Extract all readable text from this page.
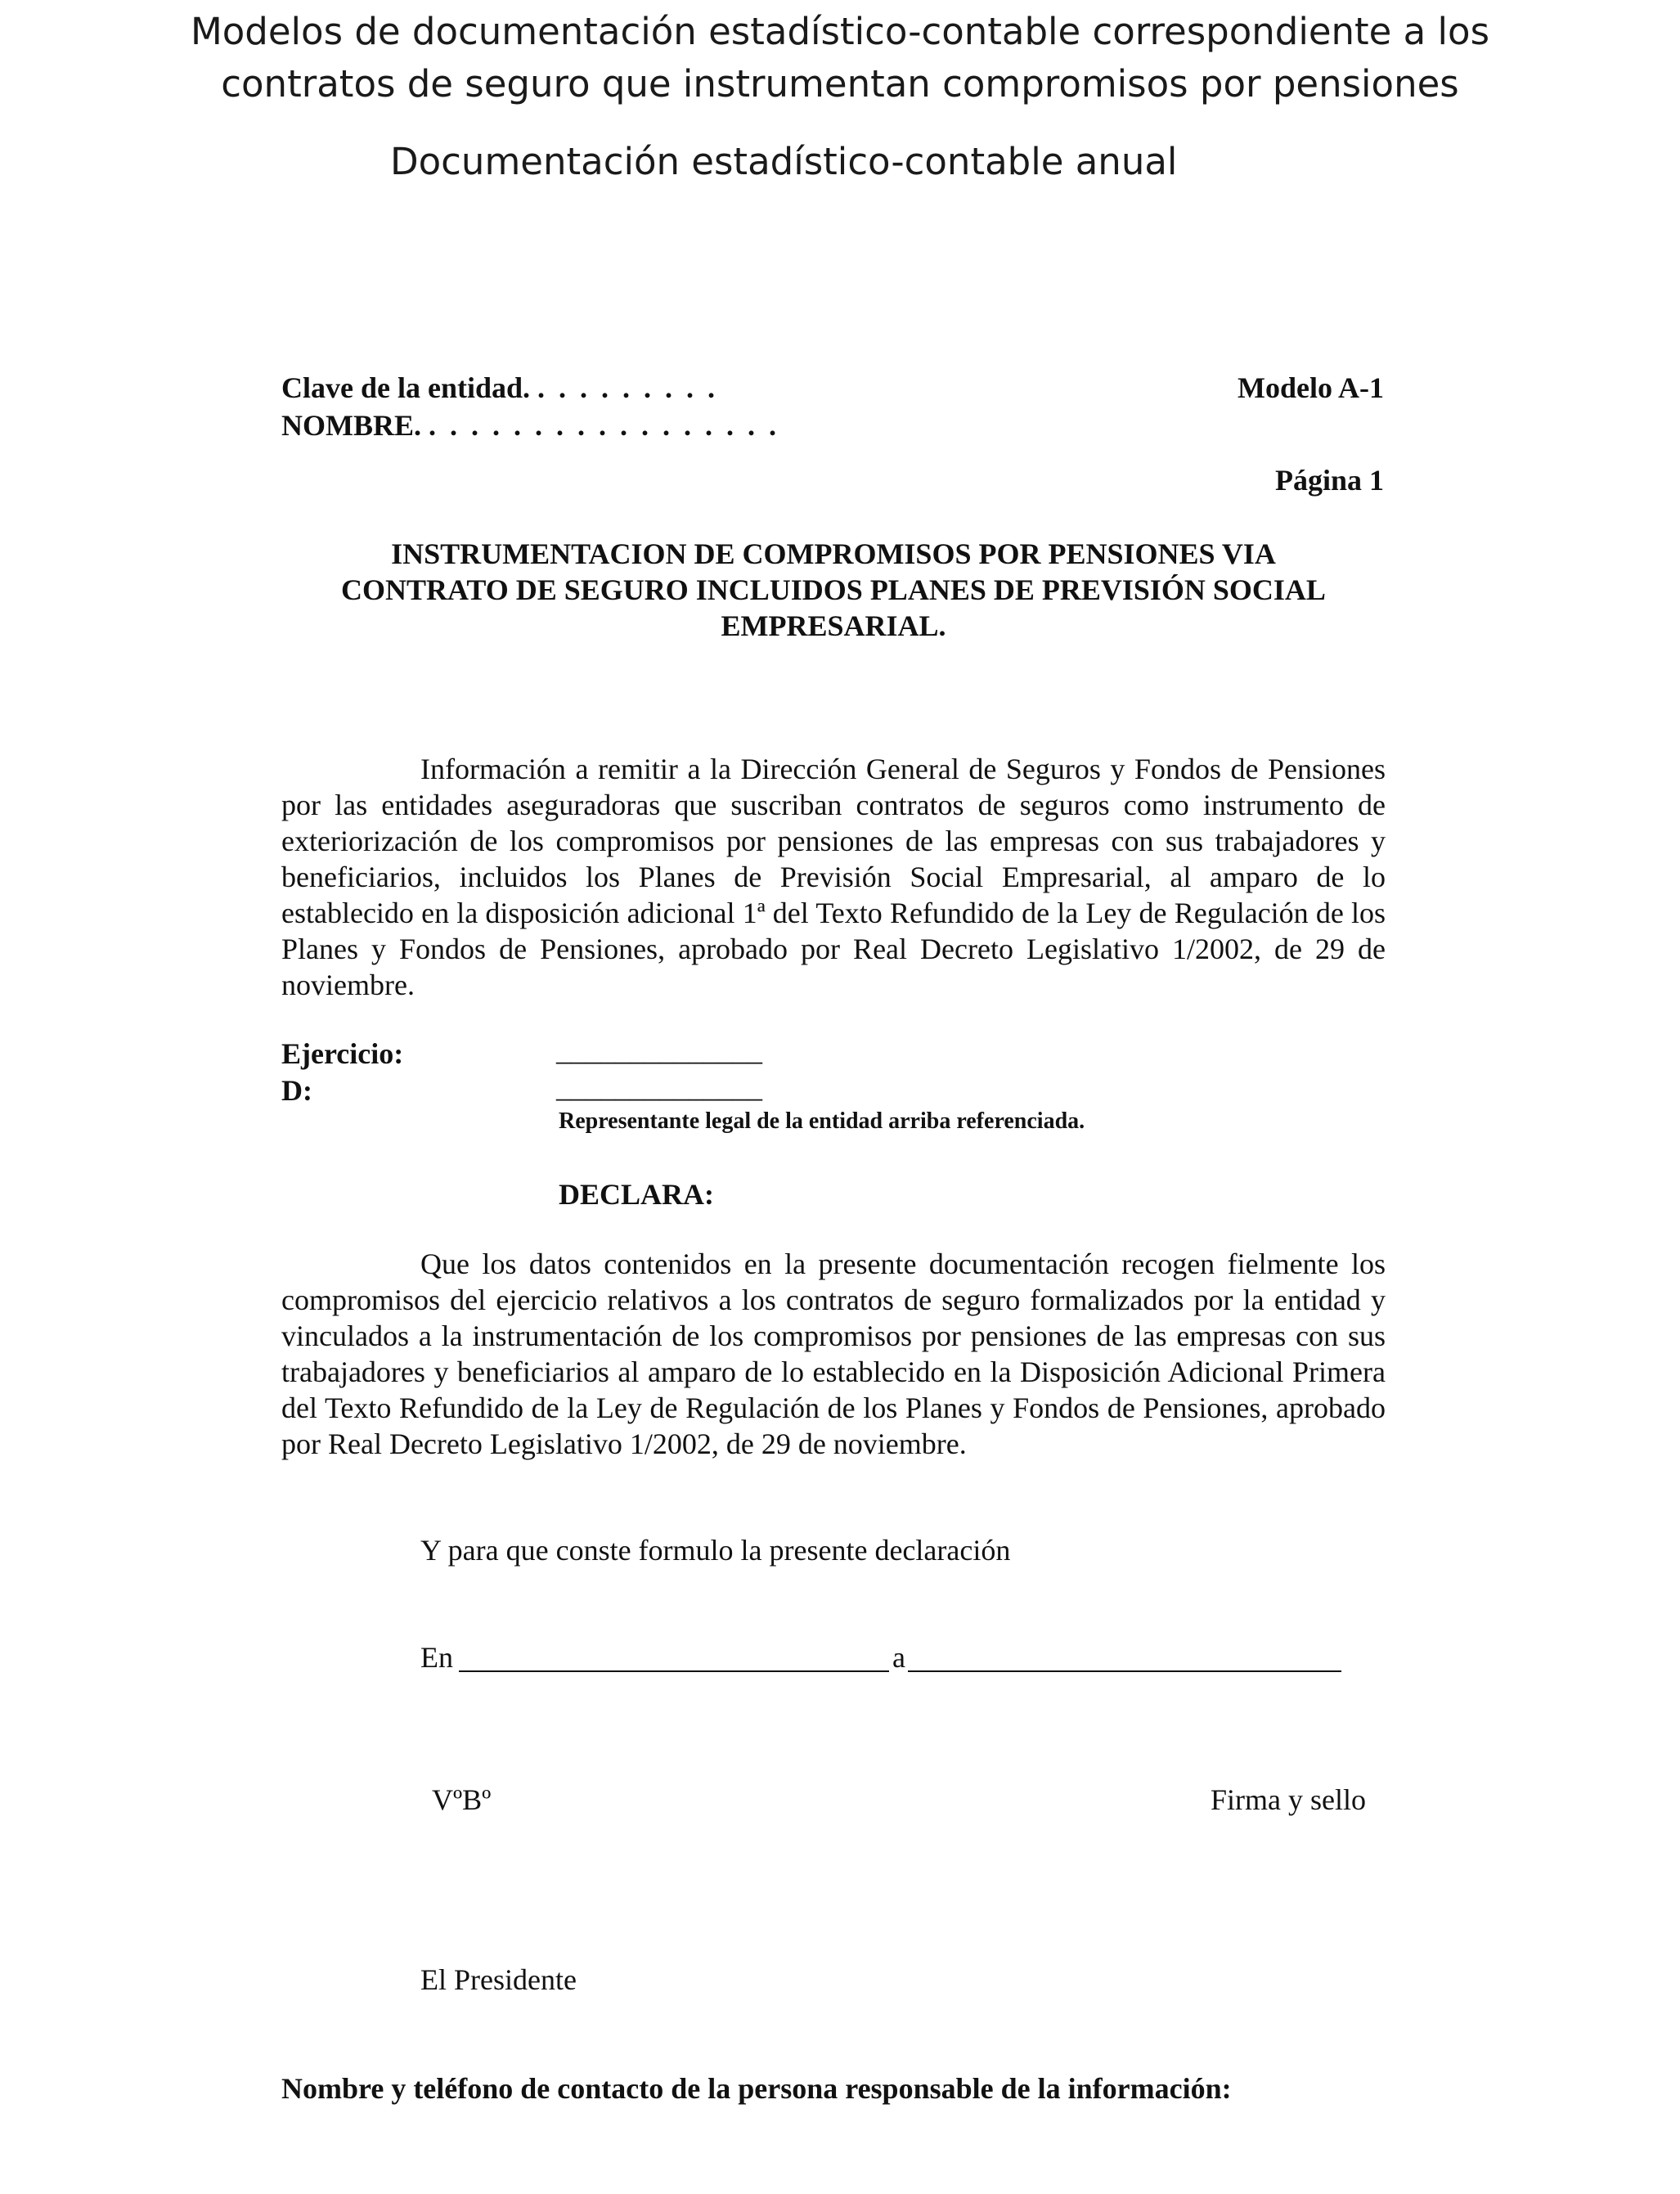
Modelos de documentación estadístico-contable correspondiente a los
contratos de seguro que instrumentan compromisos por pensiones
Documentación estadístico-contable anual
Clave de la entidad. . . . . . . . . .
NOMBRE. . . . . . . . . . . . . . . . . .
Modelo A-1
Página 1
INSTRUMENTACION DE COMPROMISOS POR PENSIONES VIA
CONTRATO DE SEGURO INCLUIDOS PLANES DE PREVISIÓN SOCIAL
EMPRESARIAL.
Información a remitir a la Dirección General de Seguros y Fondos de Pensiones por las entidades aseguradoras que suscriban contratos de seguros como instrumento de exteriorización de los compromisos por pensiones de las empresas con sus trabajadores y beneficiarios, incluidos los Planes de Previsión Social Empresarial, al amparo de lo establecido en la disposición adicional 1ª del Texto Refundido de la Ley de Regulación de los Planes y Fondos de Pensiones, aprobado por Real Decreto Legislativo 1/2002, de 29 de noviembre.
Ejercicio:	______________
D:	______________
Representante legal de la entidad arriba referenciada.
DECLARA:
Que los datos contenidos en la presente documentación recogen fielmente los compromisos del ejercicio relativos a los contratos de seguro formalizados por la entidad y vinculados a la instrumentación de los compromisos por pensiones de las empresas con sus trabajadores y beneficiarios al amparo de lo establecido en la Disposición Adicional Primera del Texto Refundido de la Ley de Regulación de los Planes y Fondos de Pensiones, aprobado por Real Decreto Legislativo 1/2002, de 29 de noviembre.
Y para que conste formulo la presente declaración
En	a
VºBº	Firma y sello
El Presidente
Nombre y teléfono de contacto de la persona responsable de la información:
